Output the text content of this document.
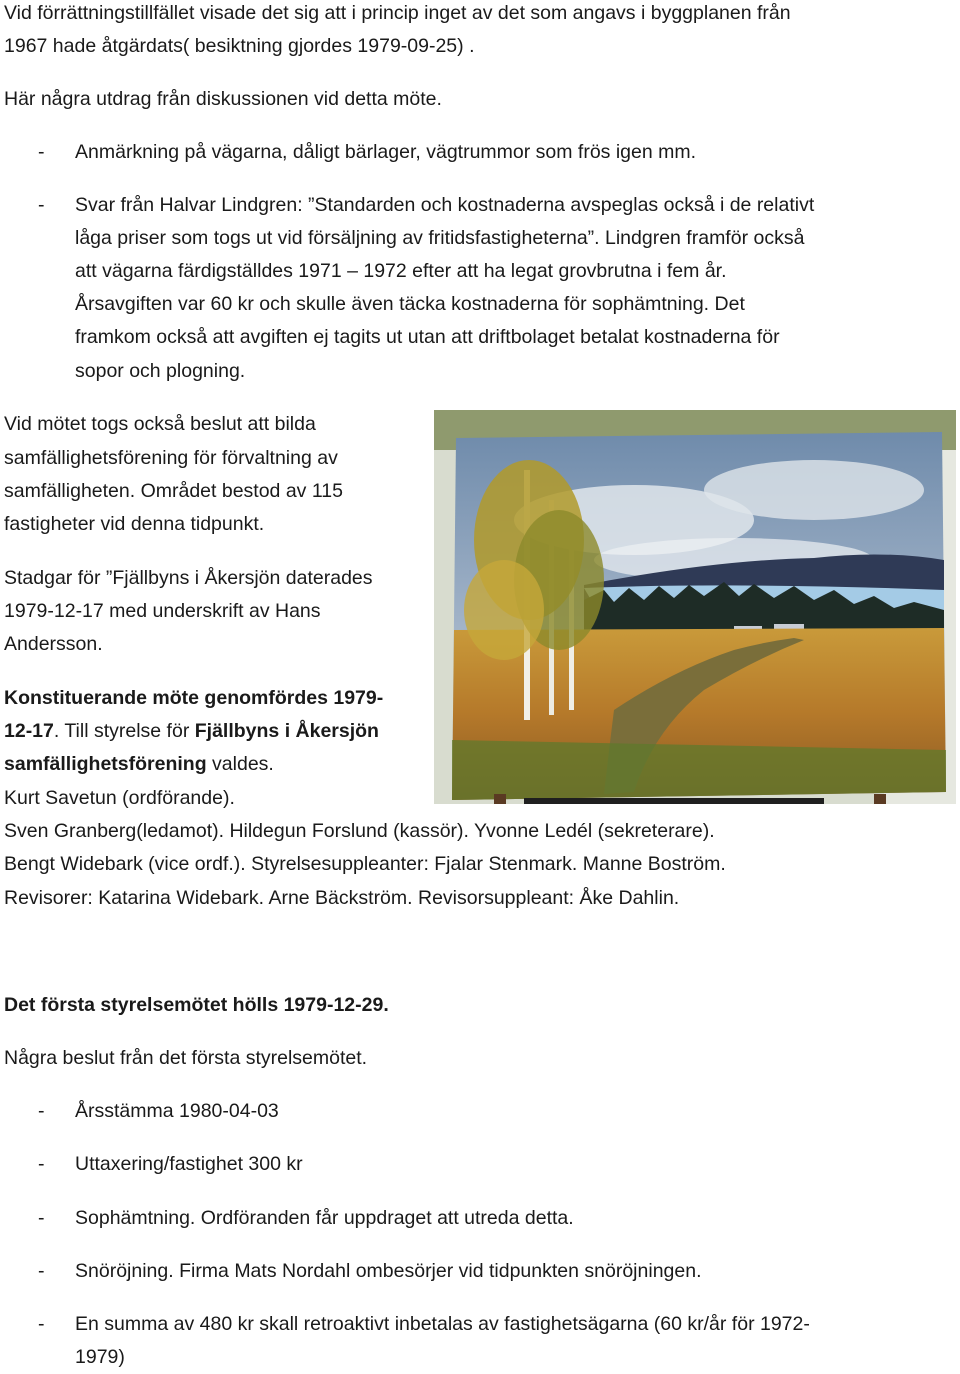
Vid förrättningstillfället visade det sig att i princip inget av det som angavs i byggplanen från
1967 hade åtgärdats( besiktning gjordes 1979-09-25) .
Här några utdrag från diskussionen vid detta möte.
- Anmärkning på vägarna, dåligt bärlager, vägtrummor som frös igen mm.
- Svar från Halvar Lindgren: ”Standarden och kostnaderna avspeglas också i de relativt
låga priser som togs ut vid försäljning av fritidsfastigheterna”. Lindgren framför också
att vägarna färdigställdes 1971 – 1972 efter att ha legat grovbrutna i fem år.
Årsavgiften var 60 kr och skulle även täcka kostnaderna för sophämtning. Det
framkom också att avgiften ej tagits ut utan att driftbolaget betalat kostnaderna för
sopor och plogning.
Vid mötet togs också beslut att bilda
samfällighetsförening för förvaltning av
samfälligheten. Området bestod av 115
fastigheter vid denna tidpunkt.
Stadgar för ”Fjällbyns i Åkersjön daterades
1979-12-17 med underskrift av Hans
Andersson.
Konstituerande möte genomfördes 1979-
12-17. Till styrelse för Fjällbyns i Åkersjön
samfällighetsförening valdes.
Kurt Savetun (ordförande).
Sven Granberg(ledamot). Hildegun Forslund (kassör). Yvonne Ledél (sekreterare).
Bengt Widebark (vice ordf.). Styrelsesuppleanter: Fjalar Stenmark. Manne Boström.
Revisorer: Katarina Widebark. Arne Bäckström. Revisorsuppleant: Åke Dahlin.
Det första styrelsemötet hölls 1979-12-29.
Några beslut från det första styrelsemötet.
- Årsstämma 1980-04-03
- Uttaxering/fastighet 300 kr
- Sophämtning. Ordföranden får uppdraget att utreda detta.
- Snöröjning. Firma Mats Nordahl ombesörjer vid tidpunkten snöröjningen.
- En summa av 480 kr skall retroaktivt inbetalas av fastighetsägarna (60 kr/år för 1972-
1979)
